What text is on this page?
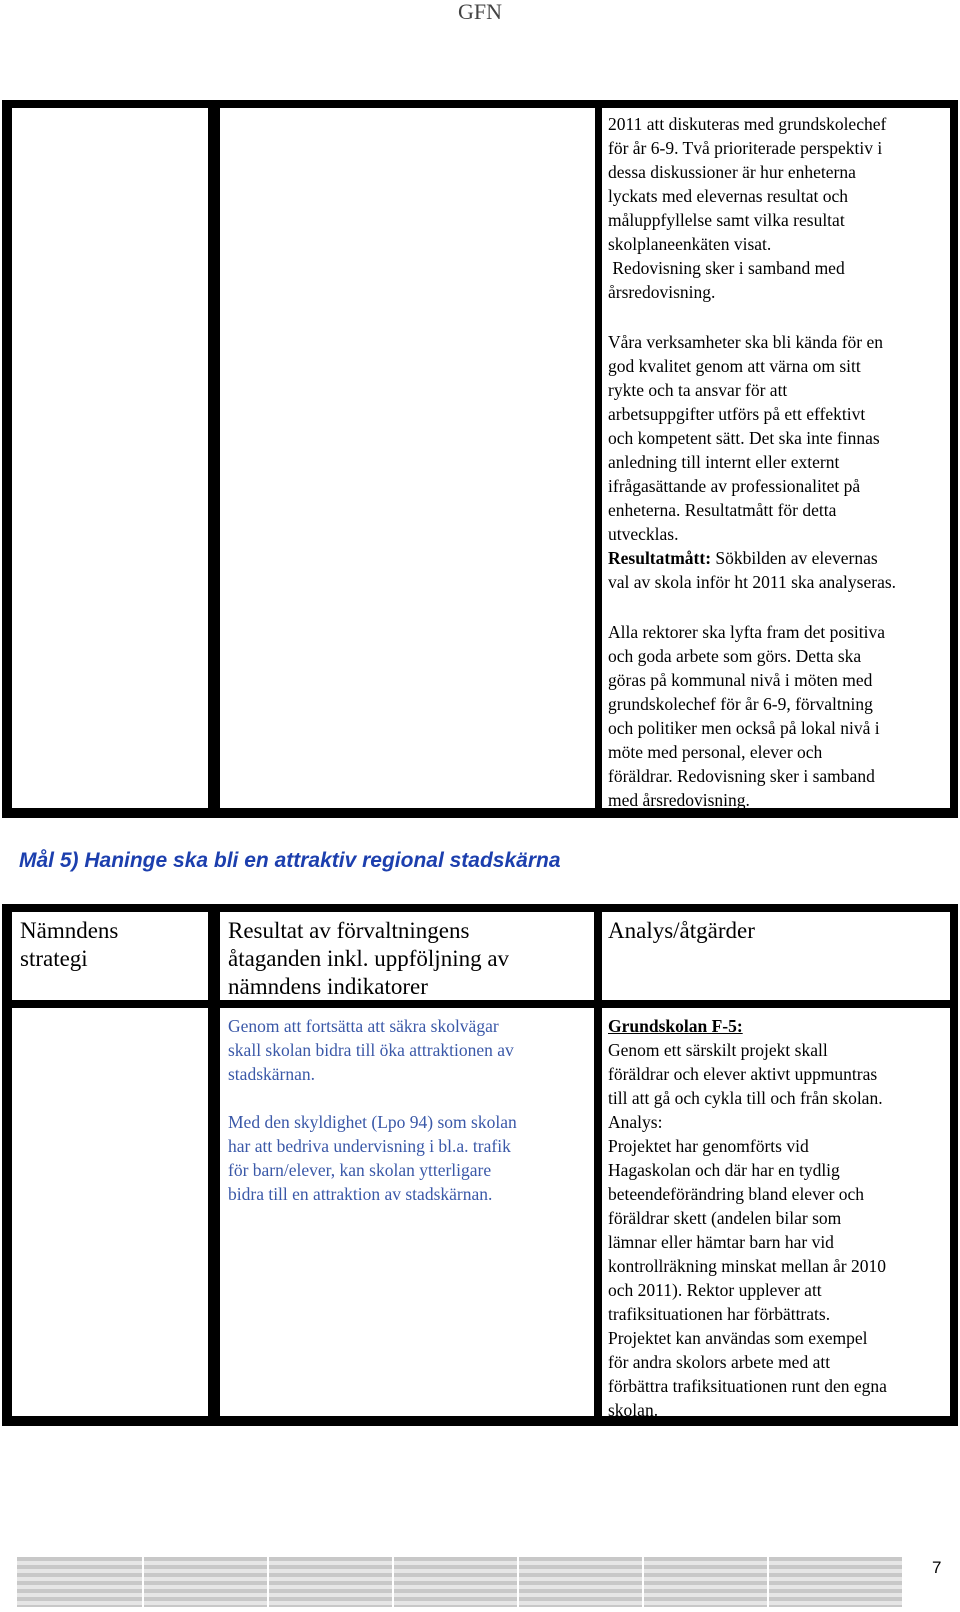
GFN
2011 att diskuteras med grundskolechef
för år 6-9. Två prioriterade perspektiv i
dessa diskussioner är hur enheterna
lyckats med elevernas resultat och
måluppfyllelse samt vilka resultat
skolplaneenkäten visat.
Redovisning sker i samband med
årsredovisning.
Våra verksamheter ska bli kända för en
god kvalitet genom att värna om sitt
rykte och ta ansvar för att
arbetsuppgifter utförs på ett effektivt
och kompetent sätt. Det ska inte finnas
anledning till internt eller externt
ifrågasättande av professionalitet på
enheterna. Resultatmått för detta
utvecklas.
Resultatmått: Sökbilden av elevernas
val av skola inför ht 2011 ska analyseras.
Alla rektorer ska lyfta fram det positiva
och goda arbete som görs. Detta ska
göras på kommunal nivå i möten med
grundskolechef för år 6-9, förvaltning
och politiker men också på lokal nivå i
möte med personal, elever och
föräldrar. Redovisning sker i samband
med årsredovisning.
Mål 5) Haninge ska bli en attraktiv regional stadskärna
Nämndens
strategi
Resultat av förvaltningens
åtaganden inkl. uppföljning av
nämndens indikatorer
Analys/åtgärder
Genom att fortsätta att säkra skolvägar
skall skolan bidra till öka attraktionen av
stadskärnan.
Med den skyldighet (Lpo 94) som skolan
har att bedriva undervisning i bl.a. trafik
för barn/elever, kan skolan ytterligare
bidra till en attraktion av stadskärnan.
Grundskolan F-5:
Genom ett särskilt projekt skall
föräldrar och elever aktivt uppmuntras
till att gå och cykla till och från skolan.
Analys:
Projektet har genomförts vid
Hagaskolan och där har en tydlig
beteendeförändring bland elever och
föräldrar skett (andelen bilar som
lämnar eller hämtar barn har vid
kontrollräkning minskat mellan år 2010
och 2011). Rektor upplever att
trafiksituationen har förbättrats.
Projektet kan användas som exempel
för andra skolors arbete med att
förbättra trafiksituationen runt den egna
skolan.
7
